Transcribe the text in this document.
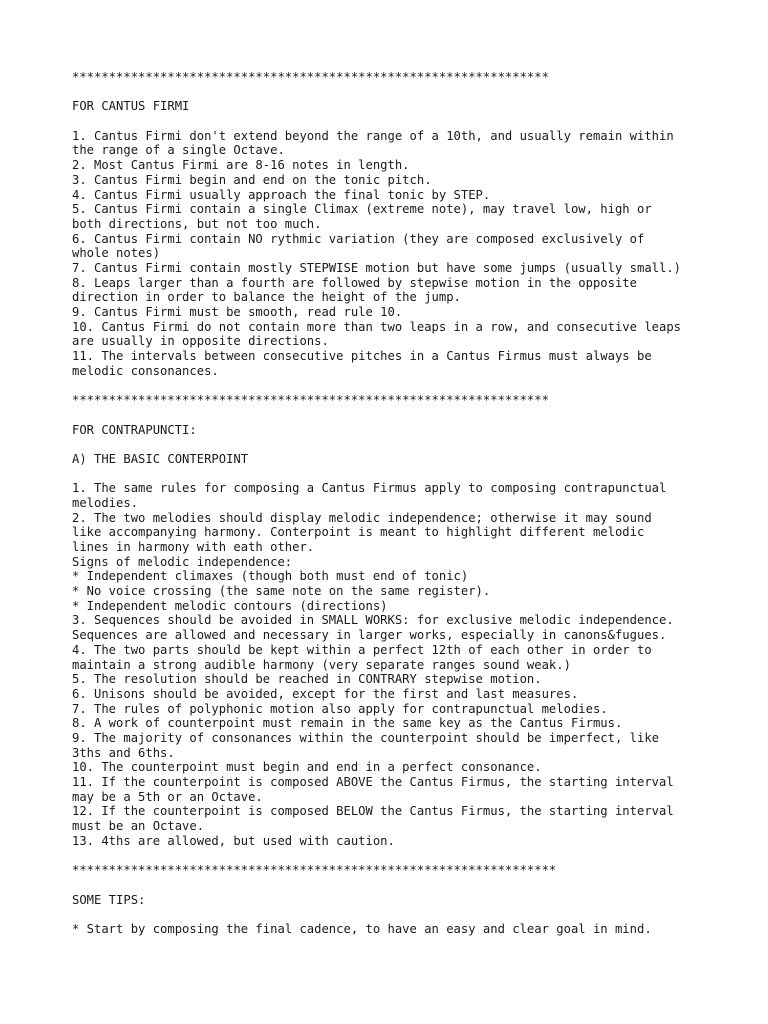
*****************************************************************

FOR CANTUS FIRMI

1. Cantus Firmi don't extend beyond the range of a 10th, and usually remain within
the range of a single Octave.
2. Most Cantus Firmi are 8-16 notes in length.
3. Cantus Firmi begin and end on the tonic pitch.
4. Cantus Firmi usually approach the final tonic by STEP.
5. Cantus Firmi contain a single Climax (extreme note), may travel low, high or
both directions, but not too much.
6. Cantus Firmi contain NO rythmic variation (they are composed exclusively of
whole notes)
7. Cantus Firmi contain mostly STEPWISE motion but have some jumps (usually small.)
8. Leaps larger than a fourth are followed by stepwise motion in the opposite
direction in order to balance the height of the jump.
9. Cantus Firmi must be smooth, read rule 10.
10. Cantus Firmi do not contain more than two leaps in a row, and consecutive leaps
are usually in opposite directions.
11. The intervals between consecutive pitches in a Cantus Firmus must always be
melodic consonances.

*****************************************************************

FOR CONTRAPUNCTI:

A) THE BASIC CONTERPOINT

1. The same rules for composing a Cantus Firmus apply to composing contrapunctual
melodies.
2. The two melodies should display melodic independence; otherwise it may sound
like accompanying harmony. Conterpoint is meant to highlight different melodic
lines in harmony with eath other.
Signs of melodic independence:
* Independent climaxes (though both must end of tonic)
* No voice crossing (the same note on the same register).
* Independent melodic contours (directions)
3. Sequences should be avoided in SMALL WORKS: for exclusive melodic independence.
Sequences are allowed and necessary in larger works, especially in canons&fugues.
4. The two parts should be kept within a perfect 12th of each other in order to
maintain a strong audible harmony (very separate ranges sound weak.)
5. The resolution should be reached in CONTRARY stepwise motion.
6. Unisons should be avoided, except for the first and last measures.
7. The rules of polyphonic motion also apply for contrapunctual melodies.
8. A work of counterpoint must remain in the same key as the Cantus Firmus.
9. The majority of consonances within the counterpoint should be imperfect, like
3ths and 6ths.
10. The counterpoint must begin and end in a perfect consonance.
11. If the counterpoint is composed ABOVE the Cantus Firmus, the starting interval
may be a 5th or an Octave.
12. If the counterpoint is composed BELOW the Cantus Firmus, the starting interval
must be an Octave.
13. 4ths are allowed, but used with caution.

******************************************************************

SOME TIPS:

* Start by composing the final cadence, to have an easy and clear goal in mind.
